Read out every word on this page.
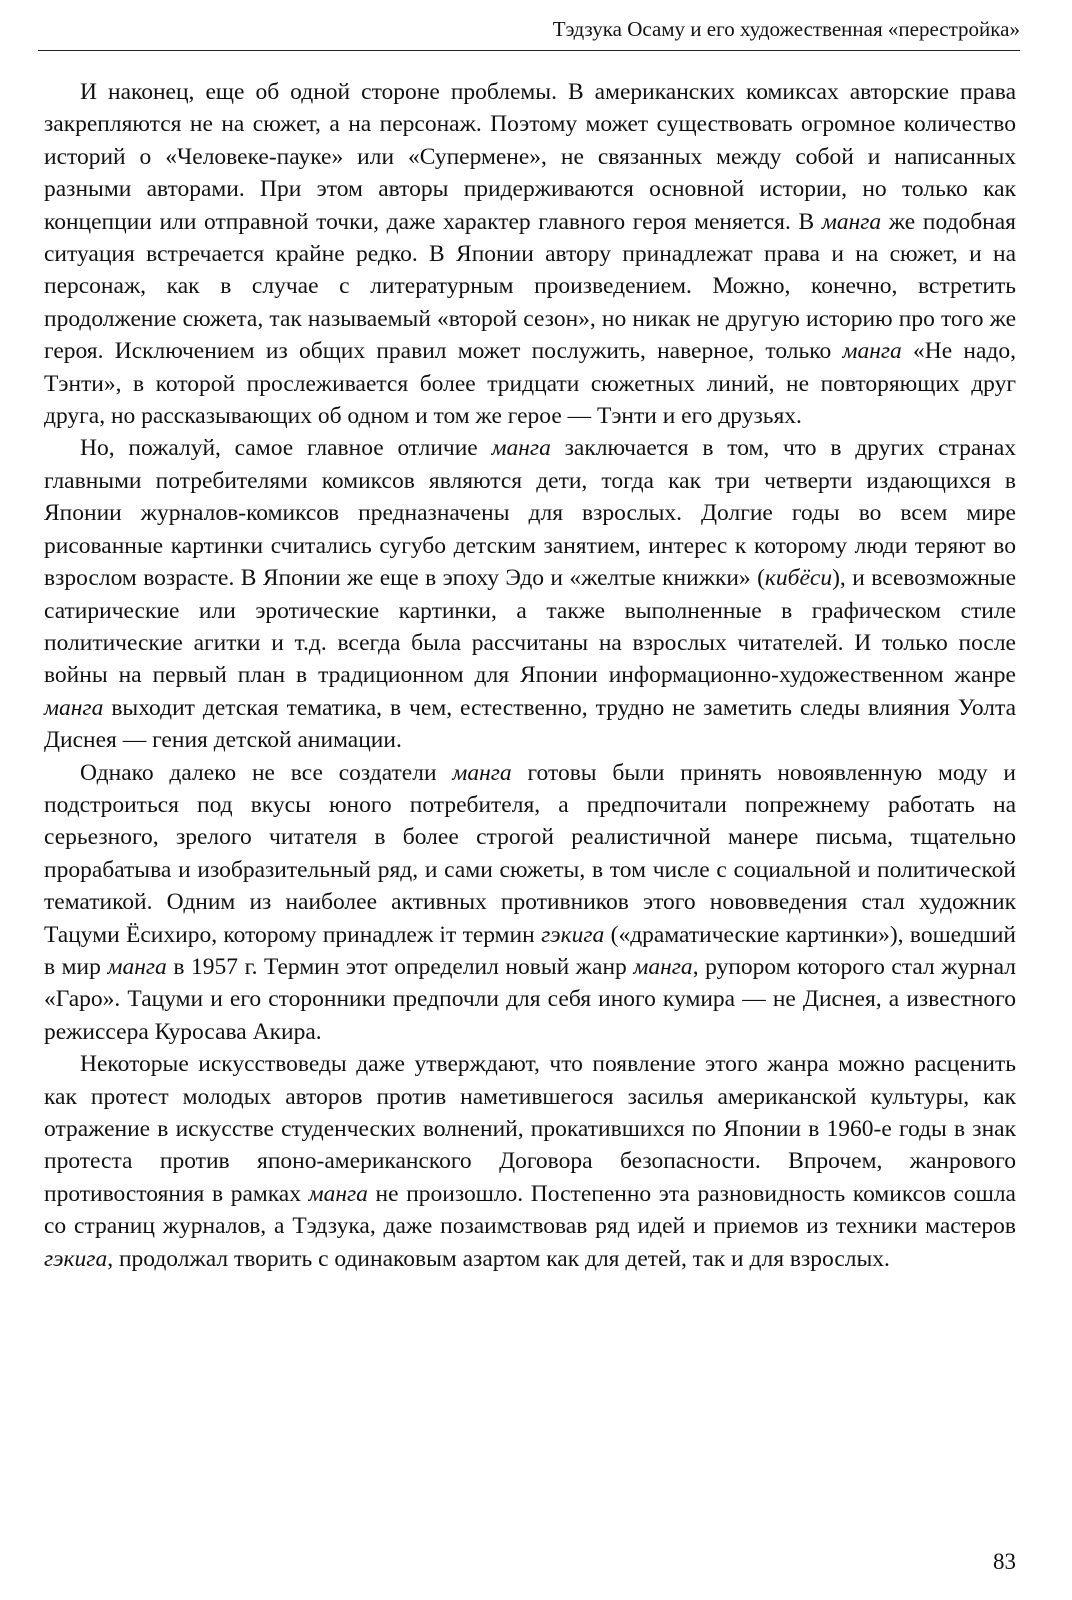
Тэдзука Осаму и его художественная «перестройка»

И наконец, еще об одной стороне проблемы. В американских комиксах авторские права закрепляются не на сюжет, а на персонаж. Поэтому может существовать огромное количество историй о «Человеке-пауке» или «Супермене», не связанных между собой и написанных разными авторами. При этом авторы придерживаются основной истории, но только как концепции или отправной точки, даже характер главного героя меняется. В манга же подобная ситуация встречается крайне редко. В Японии автору принадлежат права и на сюжет, и на персонаж, как в случае с литературным произведением. Можно, конечно, встретить продолжение сюжета, так называемый «второй сезон», но никак не другую историю про того же героя. Исключением из общих правил может послужить, наверное, только манга «Не надо, Тэнти», в которой прослеживается более тридцати сюжетных линий, не повторяющих друг друга, но рассказывающих об одном и том же герое — Тэнти и его друзьях.

Но, пожалуй, самое главное отличие манга заключается в том, что в других странах главными потребителями комиксов являются дети, тогда как три четверти издающихся в Японии журналов-комиксов предназначены для взрослых. Долгие годы во всем мире рисованные картинки считались сугубо детским занятием, интерес к которому люди теряют во взрослом возрасте. В Японии же еще в эпоху Эдо и «желтые книжки» (кибёси), и всевозможные сатирические или эротические картинки, а также выполненные в графическом стиле политические агитки и т.д. всегда была рассчитаны на взрослых читателей. И только после войны на первый план в традиционном для Японии информационно-художественном жанре манга выходит детская тематика, в чем, естественно, трудно не заметить следы влияния Уолта Диснея — гения детской анимации.

Однако далеко не все создатели манга готовы были принять новоявленную моду и подстроиться под вкусы юного потребителя, а предпочитали попрежнему работать на серьезного, зрелого читателя в более строгой реалистичной манере письма, тщательно прорабатыва и изобразительный ряд, и сами сюжеты, в том числе с социальной и политической тематикой. Одним из наиболее активных противников этого нововведения стал художник Тацуми Ёсихиро, которому принадлеж іт термин гэкига («драматические картинки»), вошедший в мир манга в 1957 г. Термин этот определил новый жанр манга, рупором которого стал журнал «Гаро». Тацуми и его сторонники предпочли для себя иного кумира — не Диснея, а известного режиссера Куросава Акира.

Некоторые искусствоведы даже утверждают, что появление этого жанра можно расценить как протест молодых авторов против наметившегося засилья американской культуры, как отражение в искусстве студенческих волнений, прокатившихся по Японии в 1960-е годы в знак протеста против японо-американского Договора безопасности. Впрочем, жанрового противостояния в рамках манга не произошло. Постепенно эта разновидность комиксов сошла со страниц журналов, а Тэдзука, даже позаимствовав ряд идей и приемов из техники мастеров гэкига, продолжал творить с одинаковым азартом как для детей, так и для взрослых.

83
